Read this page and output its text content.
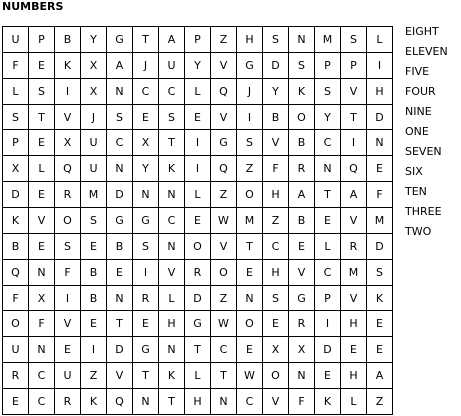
NUMBERS
U	P	B	Y	G	T	A	P	Z	H	S	N	M	S	L
F	E	K	X	A	J	U	Y	V	G	D	S	P	P	I
L	S	I	X	N	C	C	L	Q	J	Y	K	S	V	H
S	T	V	J	S	E	S	E	V	I	B	O	Y	T	D
P	E	X	U	C	X	T	I	G	S	V	B	C	I	N
X	L	Q	U	N	Y	K	I	Q	Z	F	R	N	Q	E
D	E	R	M	D	N	N	L	Z	O	H	A	T	A	F
K	V	O	S	G	G	C	E	W	M	Z	B	E	V	M
B	E	S	E	B	S	N	O	V	T	C	E	L	R	D
Q	N	F	B	E	I	V	R	O	E	H	V	C	M	S
F	X	I	B	N	R	L	D	Z	N	S	G	P	V	K
O	F	V	E	T	E	H	G	W	O	E	R	I	H	E
U	N	E	I	D	G	N	T	C	E	X	X	D	E	E
R	C	U	Z	V	T	K	L	T	W	O	N	E	H	A
E	C	R	K	Q	N	T	H	N	C	V	F	K	L	Z
EIGHT
ELEVEN
FIVE
FOUR
NINE
ONE
SEVEN
SIX
TEN
THREE
TWO
